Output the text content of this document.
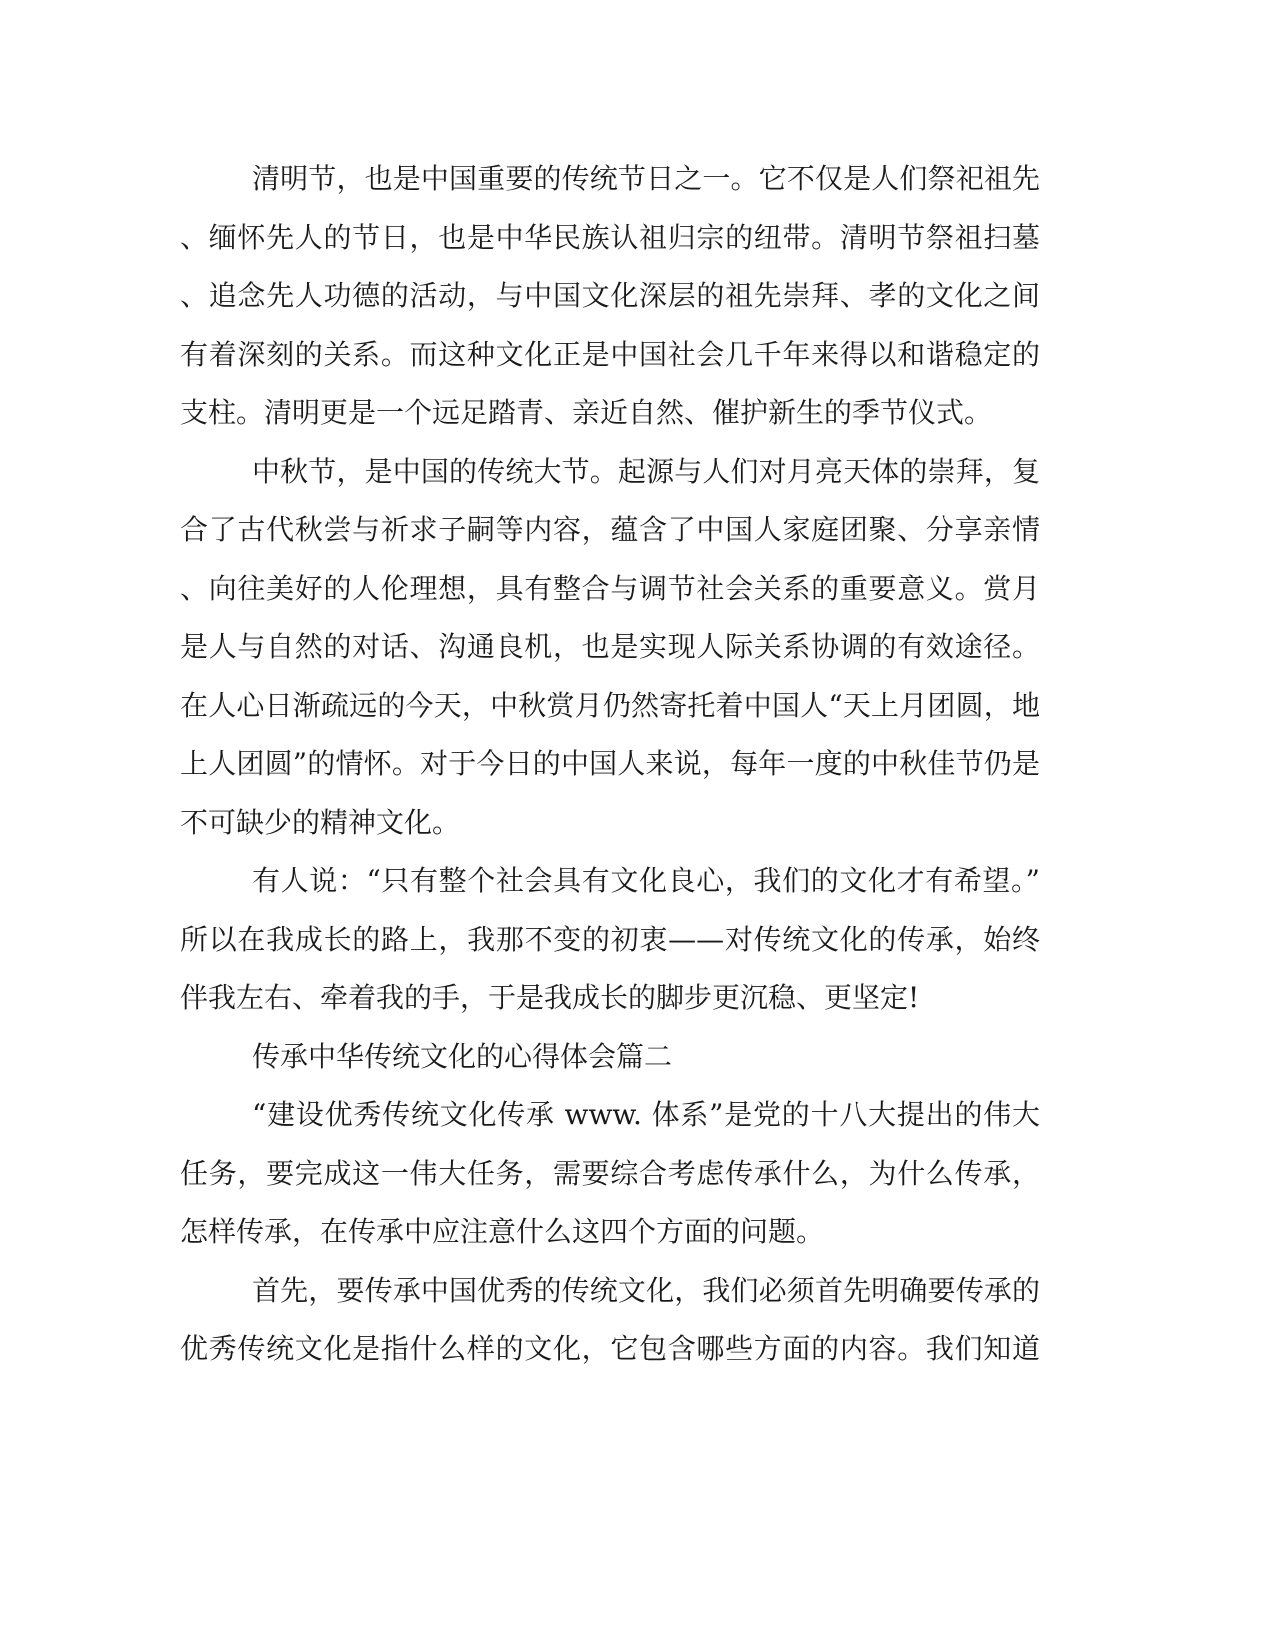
清明节，也是中国重要的传统节日之一。它不仅是人们祭祀祖先
、缅怀先人的节日，也是中华民族认祖归宗的纽带。清明节祭祖扫墓
、追念先人功德的活动，与中国文化深层的祖先崇拜、孝的文化之间
有着深刻的关系。而这种文化正是中国社会几千年来得以和谐稳定的
支柱。清明更是一个远足踏青、亲近自然、催护新生的季节仪式。
中秋节，是中国的传统大节。起源与人们对月亮天体的崇拜，复
合了古代秋尝与祈求子嗣等内容，蕴含了中国人家庭团聚、分享亲情
、向往美好的人伦理想，具有整合与调节社会关系的重要意义。赏月
是人与自然的对话、沟通良机，也是实现人际关系协调的有效途径。
在人心日渐疏远的今天，中秋赏月仍然寄托着中国人“天上月团圆，地
上人团圆”的情怀。对于今日的中国人来说，每年一度的中秋佳节仍是
不可缺少的精神文化。
有人说：“只有整个社会具有文化良心，我们的文化才有希望。”
所以在我成长的路上，我那不变的初衷——对传统文化的传承，始终
伴我左右、牵着我的手，于是我成长的脚步更沉稳、更坚定!
传承中华传统文化的心得体会篇二
“建设优秀传统文化传承 www. 体系”是党的十八大提出的伟大
任务，要完成这一伟大任务，需要综合考虑传承什么，为什么传承，
怎样传承，在传承中应注意什么这四个方面的问题。
首先，要传承中国优秀的传统文化，我们必须首先明确要传承的
优秀传统文化是指什么样的文化，它包含哪些方面的内容。我们知道
